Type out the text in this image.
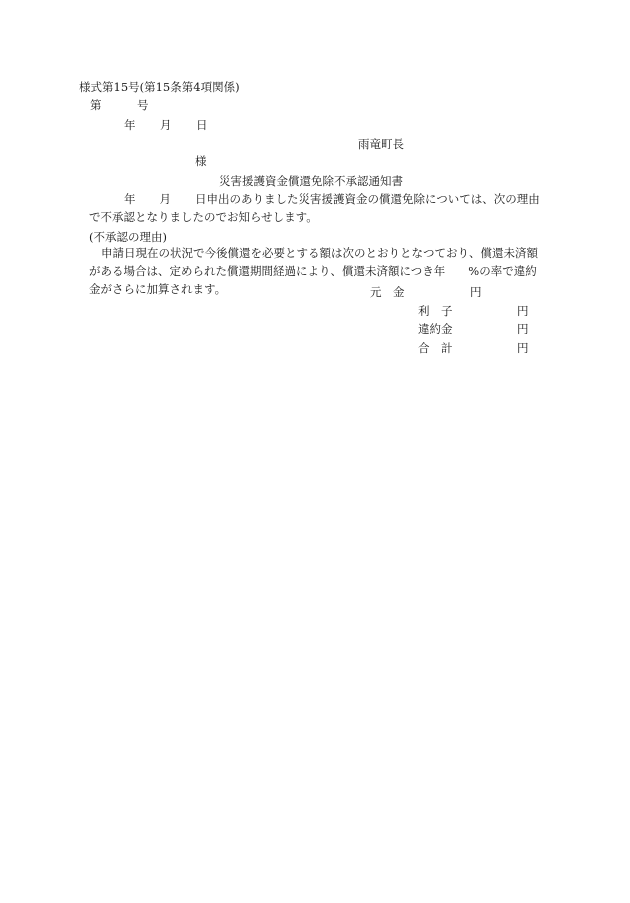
様式第15号(第15条第4項関係)
第	号
年 月 日
雨竜町長
様
災害援護資金償還免除不承認通知書
年 月 日申出のありました災害援護資金の償還免除については、次の理由
で不承認となりましたのでお知らせします。
(不承認の理由)
申請日現在の状況で今後償還を必要とする額は次のとおりとなつており、償還未済額
がある場合は、定められた償還期間経過により、償還未済額につき年　　%の率で違約
金がさらに加算されます。	元　金	円
利　子	円
違約金	円
合　計	円
